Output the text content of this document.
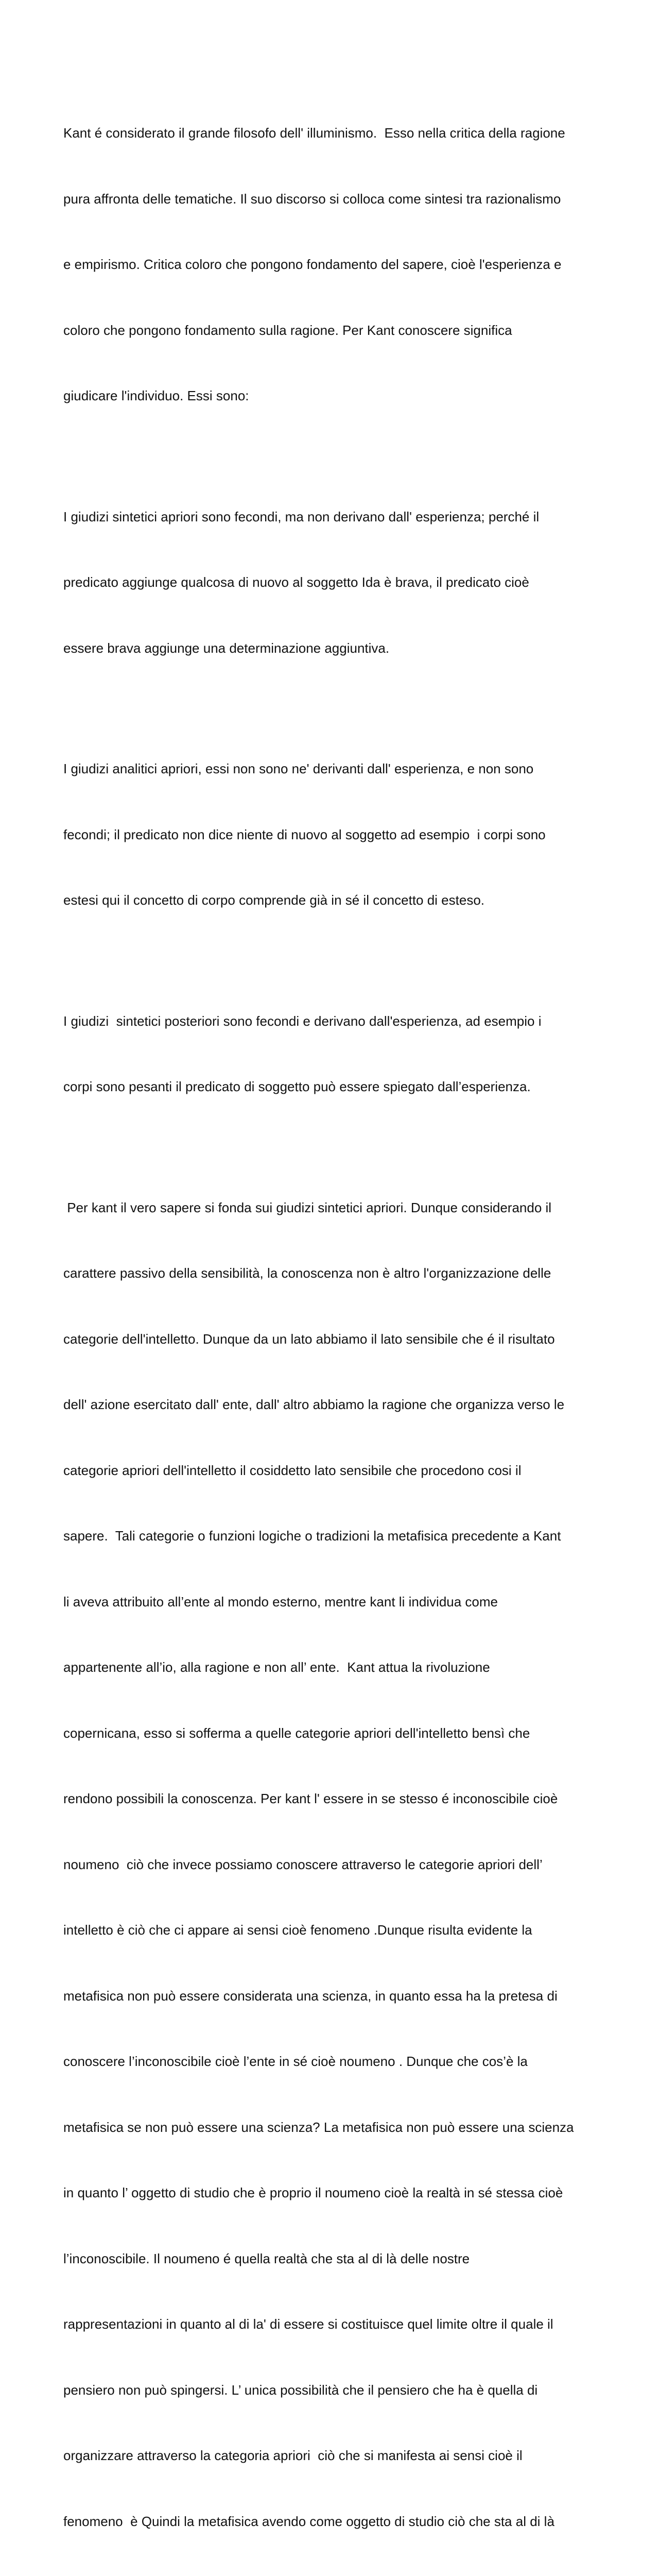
Kant é considerato il grande filosofo dell' illuminismo.  Esso nella critica della ragione

pura affronta delle tematiche. Il suo discorso si colloca come sintesi tra razionalismo

e empirismo. Critica coloro che pongono fondamento del sapere, cioè l'esperienza e

coloro che pongono fondamento sulla ragione. Per Kant conoscere significa

giudicare l'individuo. Essi sono:

I giudizi sintetici apriori sono fecondi, ma non derivano dall' esperienza; perché il

predicato aggiunge qualcosa di nuovo al soggetto Ida è brava, il predicato cioè

essere brava aggiunge una determinazione aggiuntiva.

I giudizi analitici apriori, essi non sono ne' derivanti dall' esperienza, e non sono

fecondi; il predicato non dice niente di nuovo al soggetto ad esempio  i corpi sono

estesi qui il concetto di corpo comprende già in sé il concetto di esteso.

I giudizi  sintetici posteriori sono fecondi e derivano dall'esperienza, ad esempio i

corpi sono pesanti il predicato di soggetto può essere spiegato dall’esperienza.

Per kant il vero sapere si fonda sui giudizi sintetici apriori. Dunque considerando il

carattere passivo della sensibilità, la conoscenza non è altro l'organizzazione delle

categorie dell'intelletto. Dunque da un lato abbiamo il lato sensibile che é il risultato

dell' azione esercitato dall' ente, dall' altro abbiamo la ragione che organizza verso le

categorie apriori dell'intelletto il cosiddetto lato sensibile che procedono cosi il

sapere.  Tali categorie o funzioni logiche o tradizioni la metafisica precedente a Kant

li aveva attribuito all’ente al mondo esterno, mentre kant li individua come

appartenente all’io, alla ragione e non all’ ente.  Kant attua la rivoluzione

copernicana, esso si sofferma a quelle categorie apriori dell'intelletto bensì che

rendono possibili la conoscenza. Per kant l' essere in se stesso é inconoscibile cioè

noumeno  ciò che invece possiamo conoscere attraverso le categorie apriori dell’

intelletto è ciò che ci appare ai sensi cioè fenomeno .Dunque risulta evidente la

metafisica non può essere considerata una scienza, in quanto essa ha la pretesa di

conoscere l’inconoscibile cioè l’ente in sé cioè noumeno . Dunque che cos’è la

metafisica se non può essere una scienza? La metafisica non può essere una scienza

in quanto l’ oggetto di studio che è proprio il noumeno cioè la realtà in sé stessa cioè

l’inconoscibile. Il noumeno é quella realtà che sta al di là delle nostre

rappresentazioni in quanto al di la' di essere si costituisce quel limite oltre il quale il

pensiero non può spingersi. L’ unica possibilità che il pensiero che ha è quella di

organizzare attraverso la categoria apriori  ciò che si manifesta ai sensi cioè il

fenomeno  è Quindi la metafisica avendo come oggetto di studio ciò che sta al di là
